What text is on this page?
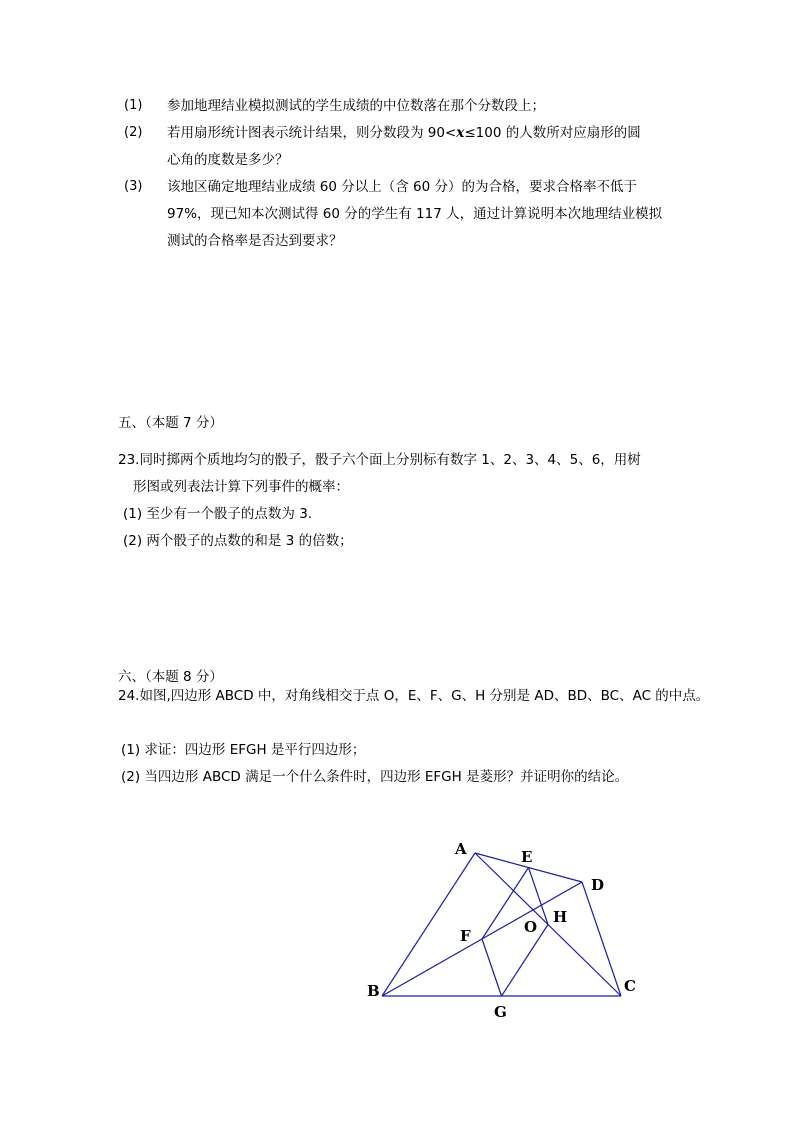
(1) 参加地理结业模拟测试的学生成绩的中位数落在那个分数段上；
(2) 若用扇形统计图表示统计结果，则分数段为 90<x≤100 的人数所对应扇形的圆
心角的度数是多少？
(3) 该地区确定地理结业成绩 60 分以上（含 60 分）的为合格，要求合格率不低于
97%，现已知本次测试得 60 分的学生有 117 人，通过计算说明本次地理结业模拟
测试的合格率是否达到要求？
五、（本题 7 分）
23.同时掷两个质地均匀的骰子，骰子六个面上分别标有数字 1、2、3、4、5、6，用树
形图或列表法计算下列事件的概率：
(1) 至少有一个骰子的点数为 3.
(2) 两个骰子的点数的和是 3 的倍数；
六、（本题 8 分）
24.如图,四边形 ABCD 中，对角线相交于点 O，E、F、G、H 分别是 AD、BD、BC、AC 的中点。
(1) 求证：四边形 EFGH 是平行四边形；
(2) 当四边形 ABCD 满足一个什么条件时，四边形 EFGH 是菱形？并证明你的结论。
A
B	C
D
E
F
G
H
O
